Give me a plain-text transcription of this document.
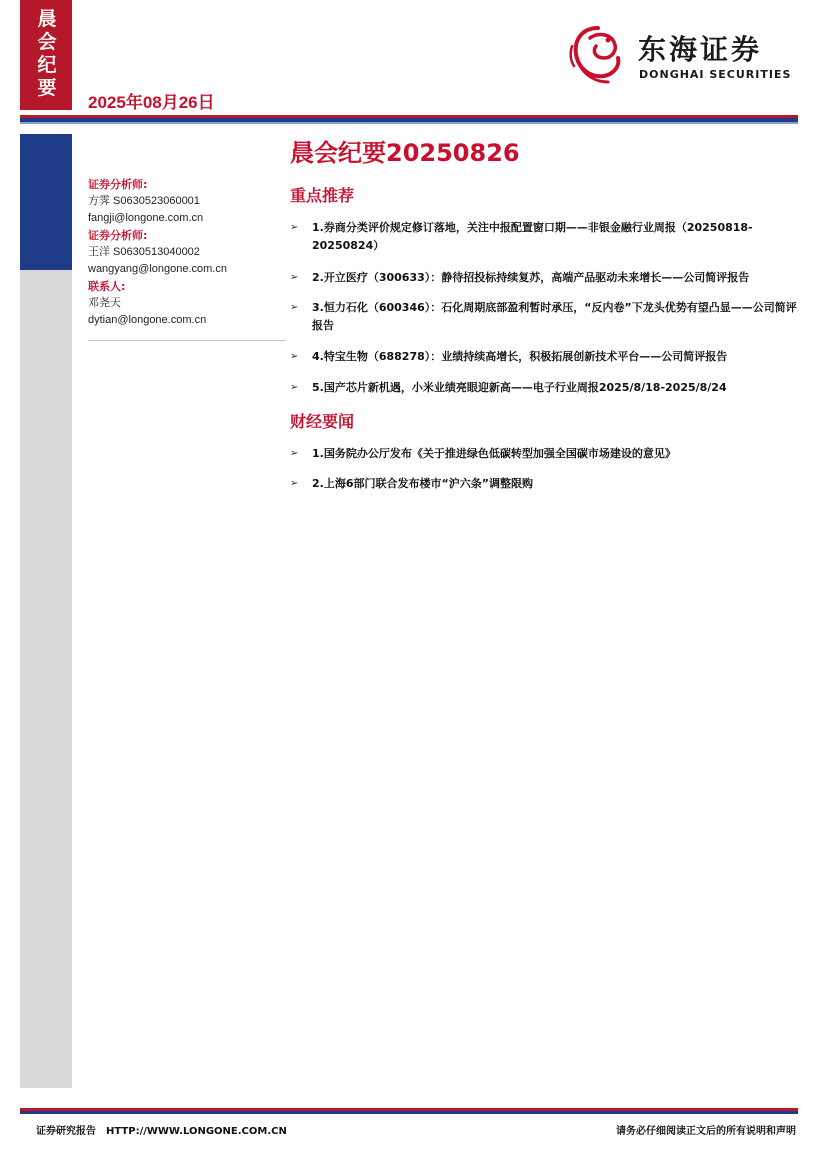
晨会纪要
2025年08月26日
东海证券
DONGHAI SECURITIES
证券分析师:
方霁 S0630523060001
fangji@longone.com.cn
证券分析师:
王洋 S0630513040002
wangyang@longone.com.cn
联系人:
邓尧天
dytian@longone.com.cn
晨会纪要20250826
重点推荐
➢	1.券商分类评价规定修订落地，关注中报配置窗口期——非银金融行业周报（20250818-20250824）
➢	2.开立医疗（300633）：静待招投标持续复苏，高端产品驱动未来增长——公司简评报告
➢	3.恒力石化（600346）：石化周期底部盈利暂时承压，“反内卷”下龙头优势有望凸显——公司简评报告
➢	4.特宝生物（688278）：业绩持续高增长，积极拓展创新技术平台——公司简评报告
➢	5.国产芯片新机遇，小米业绩亮眼迎新高——电子行业周报2025/8/18-2025/8/24
财经要闻
➢	1.国务院办公厅发布《关于推进绿色低碳转型加强全国碳市场建设的意见》
➢	2.上海6部门联合发布楼市“沪六条”调整限购
证券研究报告 HTTP://WWW.LONGONE.COM.CN	请务必仔细阅读正文后的所有说明和声明
